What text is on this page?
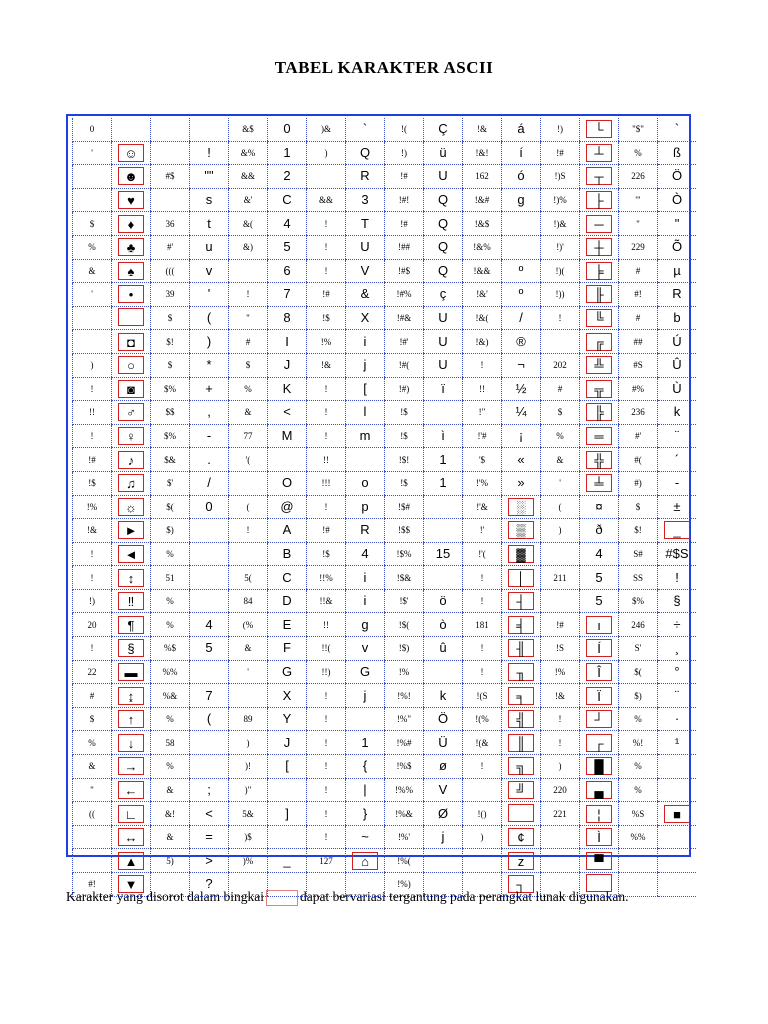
TABEL KARAKTER ASCII
0				&$	0	)&	`	!(	Ç	!&	á	!)	└	"$"	`
'	☺		!	&%	1	)	Q	!)	ü	!&!	í	!#	┴	%	ß
	☻	#$	""	&&	2		R	!#	U	162	ó	!)S	┬	226	Ö
	♥		s	&'	C	&&	3	!#!	Q	!&#	g	!)%	├	'"	Ò
$	♦	36	t	&(	4	!	T	!#	Q	!&$		!)&	─	"	"
%	♣	#'	u	&)	5	!	U	!##	Q	!&%		!)'	┼	229	Õ
&	♠	(((	v		6	!	V	!#$	Q	!&&	º	!)(	╞	#	µ
'	•	39	'	!	7	!#	&	!#%	ç	!&'	º	!))	╟	#!	R
		$	(	"	8	!$	X	!#&	U	!&(	/	!	╚	#	b
	◘	$!	)	#	I	!%	i	!#'	U	!&)	®		╔	##	Ú
)	○	$	*	$	J	!&	j	!#(	U	!	¬	202	╩	#S	Û
!	◙	$%	+	%	K	!	[	!#)	ï	!!	½	#	╦	#%	Ù
!!	♂	$$	,	&	<	!	l	!$		!"	¼	$	╠	236	k
!	♀	$%	-	77	M	!	m	!$	ì	!'#	¡	%	═	#'	¨
!#	♪	$&	.	'(		!!		!$!	1	'$	«	&	╬	#(	´
!$	♫	$'	/		O	!!!	o	!$	1	!'%	»	'	╧	#)	-
!%	☼	$(	0	(	@	!	p	!$#		!'&	░	(	¤	$	±
!&	►	$)		!	A	!#	R	!$$		!'	▒	)	ð	$!	_
!	◄	%			B	!$	4	!$%	15	!'(	▓		4	S#	#$S
!	↕	51		5(	C	!!%	i	!$&		!	│	211	5	SS	!
!)	‼	%		84	D	!!&	i	!$'	ö	!	┤		5	$%	§
20	¶	%	4	(%	E	!!	g	!$(	ò	181	╡	!#	ı	246	÷
!	§	%$	5	&	F	!!(	v	!$)	û	!	╢	!S	Í	S'	¸
22	▬	%%		'	G	!!)	G	!%		!	╖	!%	Î	$(	°
#	↨	%&	7		X	!	j	!%!	k	!(S	╕	!&	Ï	$)	¨
$	↑	%	(	89	Y	!		!%"	Ö	!(%	╣	!	┘	%	·
%	↓	58		)	J	!	1	!%#	Ü	!(&	║	!	┌	%!	¹
&	→	%		)!	[	!	{	!%$	ø	!	╗	)	█	%	
"	←	&	;	)"		!	|	!%%	V		╝	220	▄	%	
((	∟	&!	<	5&	]	!	}	!%&	Ø	!()		221	¦	%S	■
	↔	&	=	)$		!	~	!%'	j	)	¢		Ì	%%	
	▲	5)	>	)%	_	127	⌂	!%(			z		▀		
#!	▼		?					!%)			┐				
Karakter yang disorot dalam bingkai	dapat bervariasi tergantung pada perangkat lunak digunakan.
